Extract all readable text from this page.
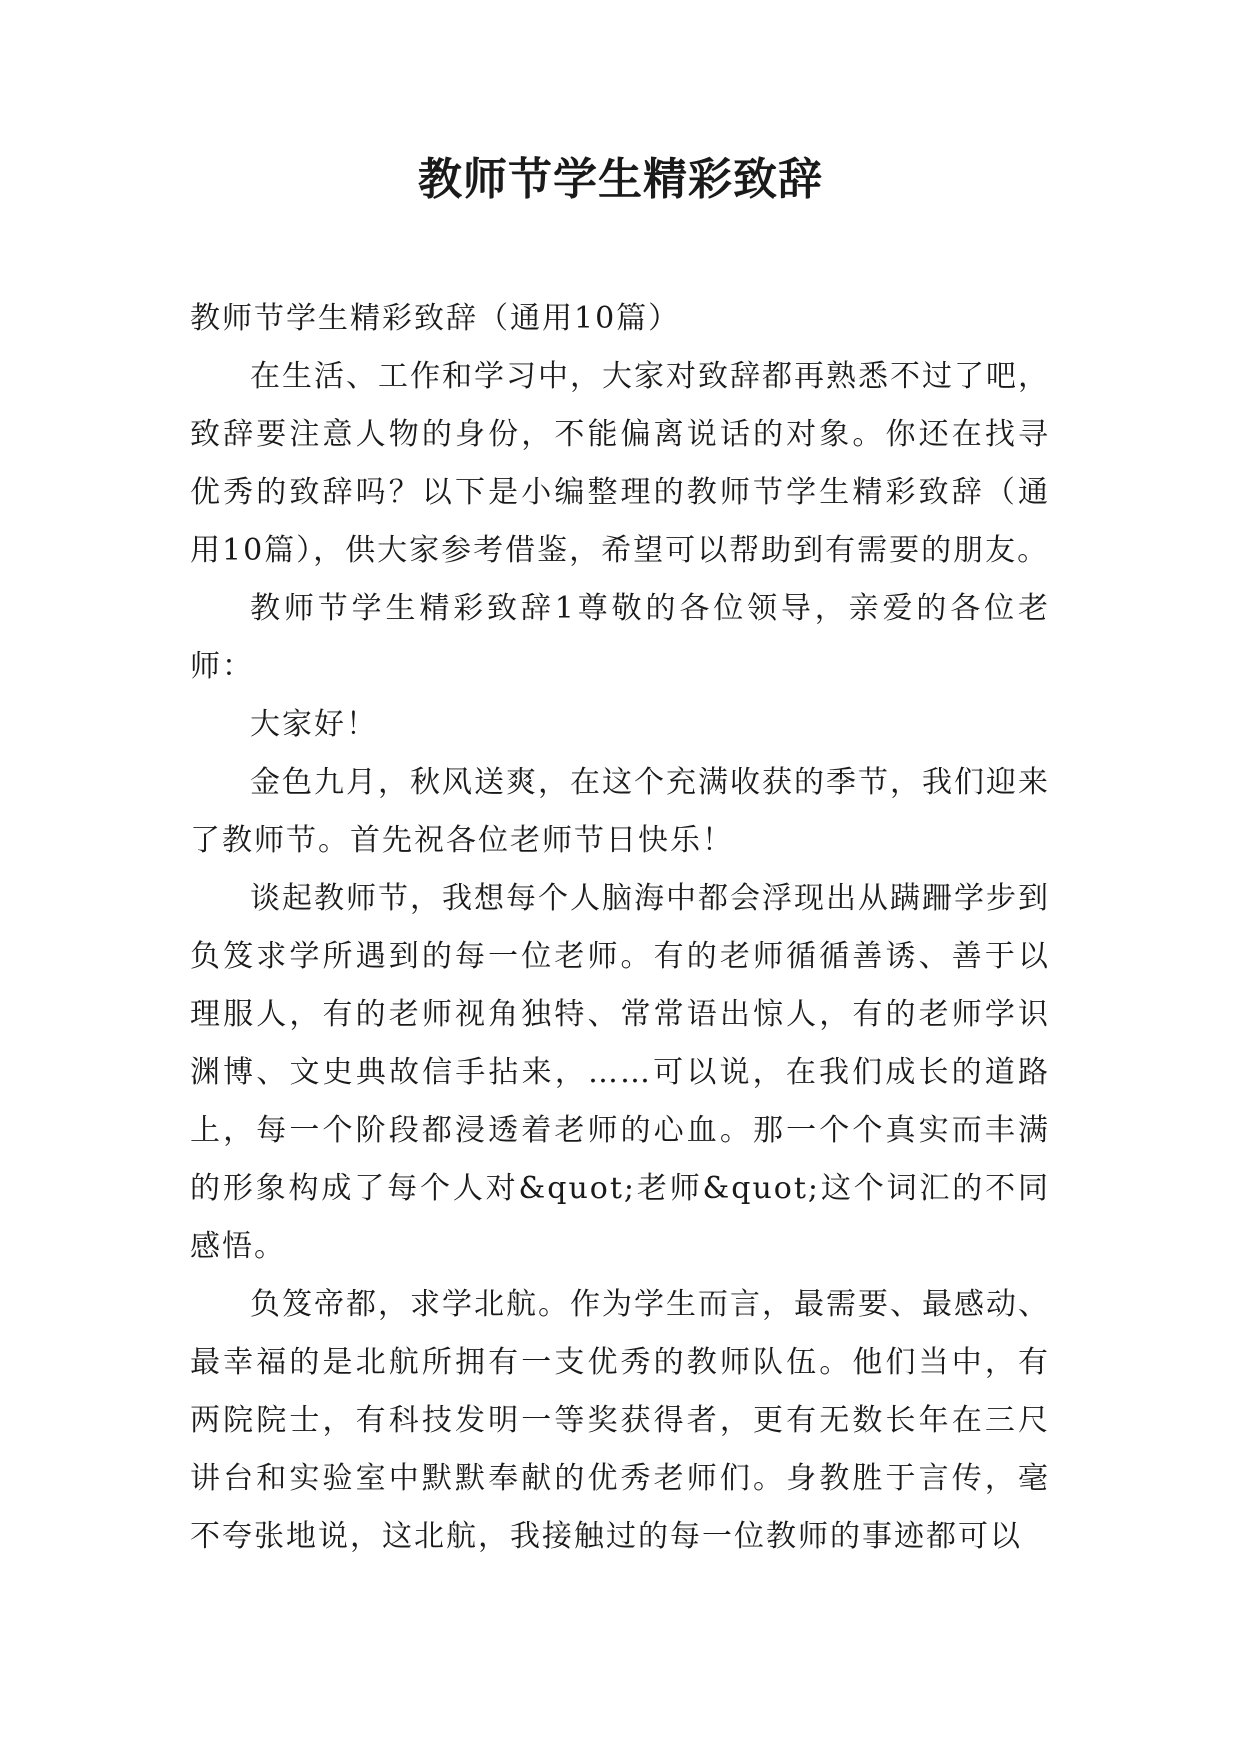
教师节学生精彩致辞

教师节学生精彩致辞（通用10篇）

在生活、工作和学习中，大家对致辞都再熟悉不过了吧，致辞要注意人物的身份，不能偏离说话的对象。你还在找寻优秀的致辞吗？以下是小编整理的教师节学生精彩致辞（通用10篇），供大家参考借鉴，希望可以帮助到有需要的朋友。

教师节学生精彩致辞1尊敬的各位领导，亲爱的各位老师：

大家好！

金色九月，秋风送爽，在这个充满收获的季节，我们迎来了教师节。首先祝各位老师节日快乐！

谈起教师节，我想每个人脑海中都会浮现出从蹒跚学步到负笈求学所遇到的每一位老师。有的老师循循善诱、善于以理服人，有的老师视角独特、常常语出惊人，有的老师学识渊博、文史典故信手拈来，……可以说，在我们成长的道路上，每一个阶段都浸透着老师的心血。那一个个真实而丰满的形象构成了每个人对&quot;老师&quot;这个词汇的不同感悟。

负笈帝都，求学北航。作为学生而言，最需要、最感动、最幸福的是北航所拥有一支优秀的教师队伍。他们当中，有两院院士，有科技发明一等奖获得者，更有无数长年在三尺讲台和实验室中默默奉献的优秀老师们。身教胜于言传，毫不夸张地说，这北航，我接触过的每一位教师的事迹都可以
